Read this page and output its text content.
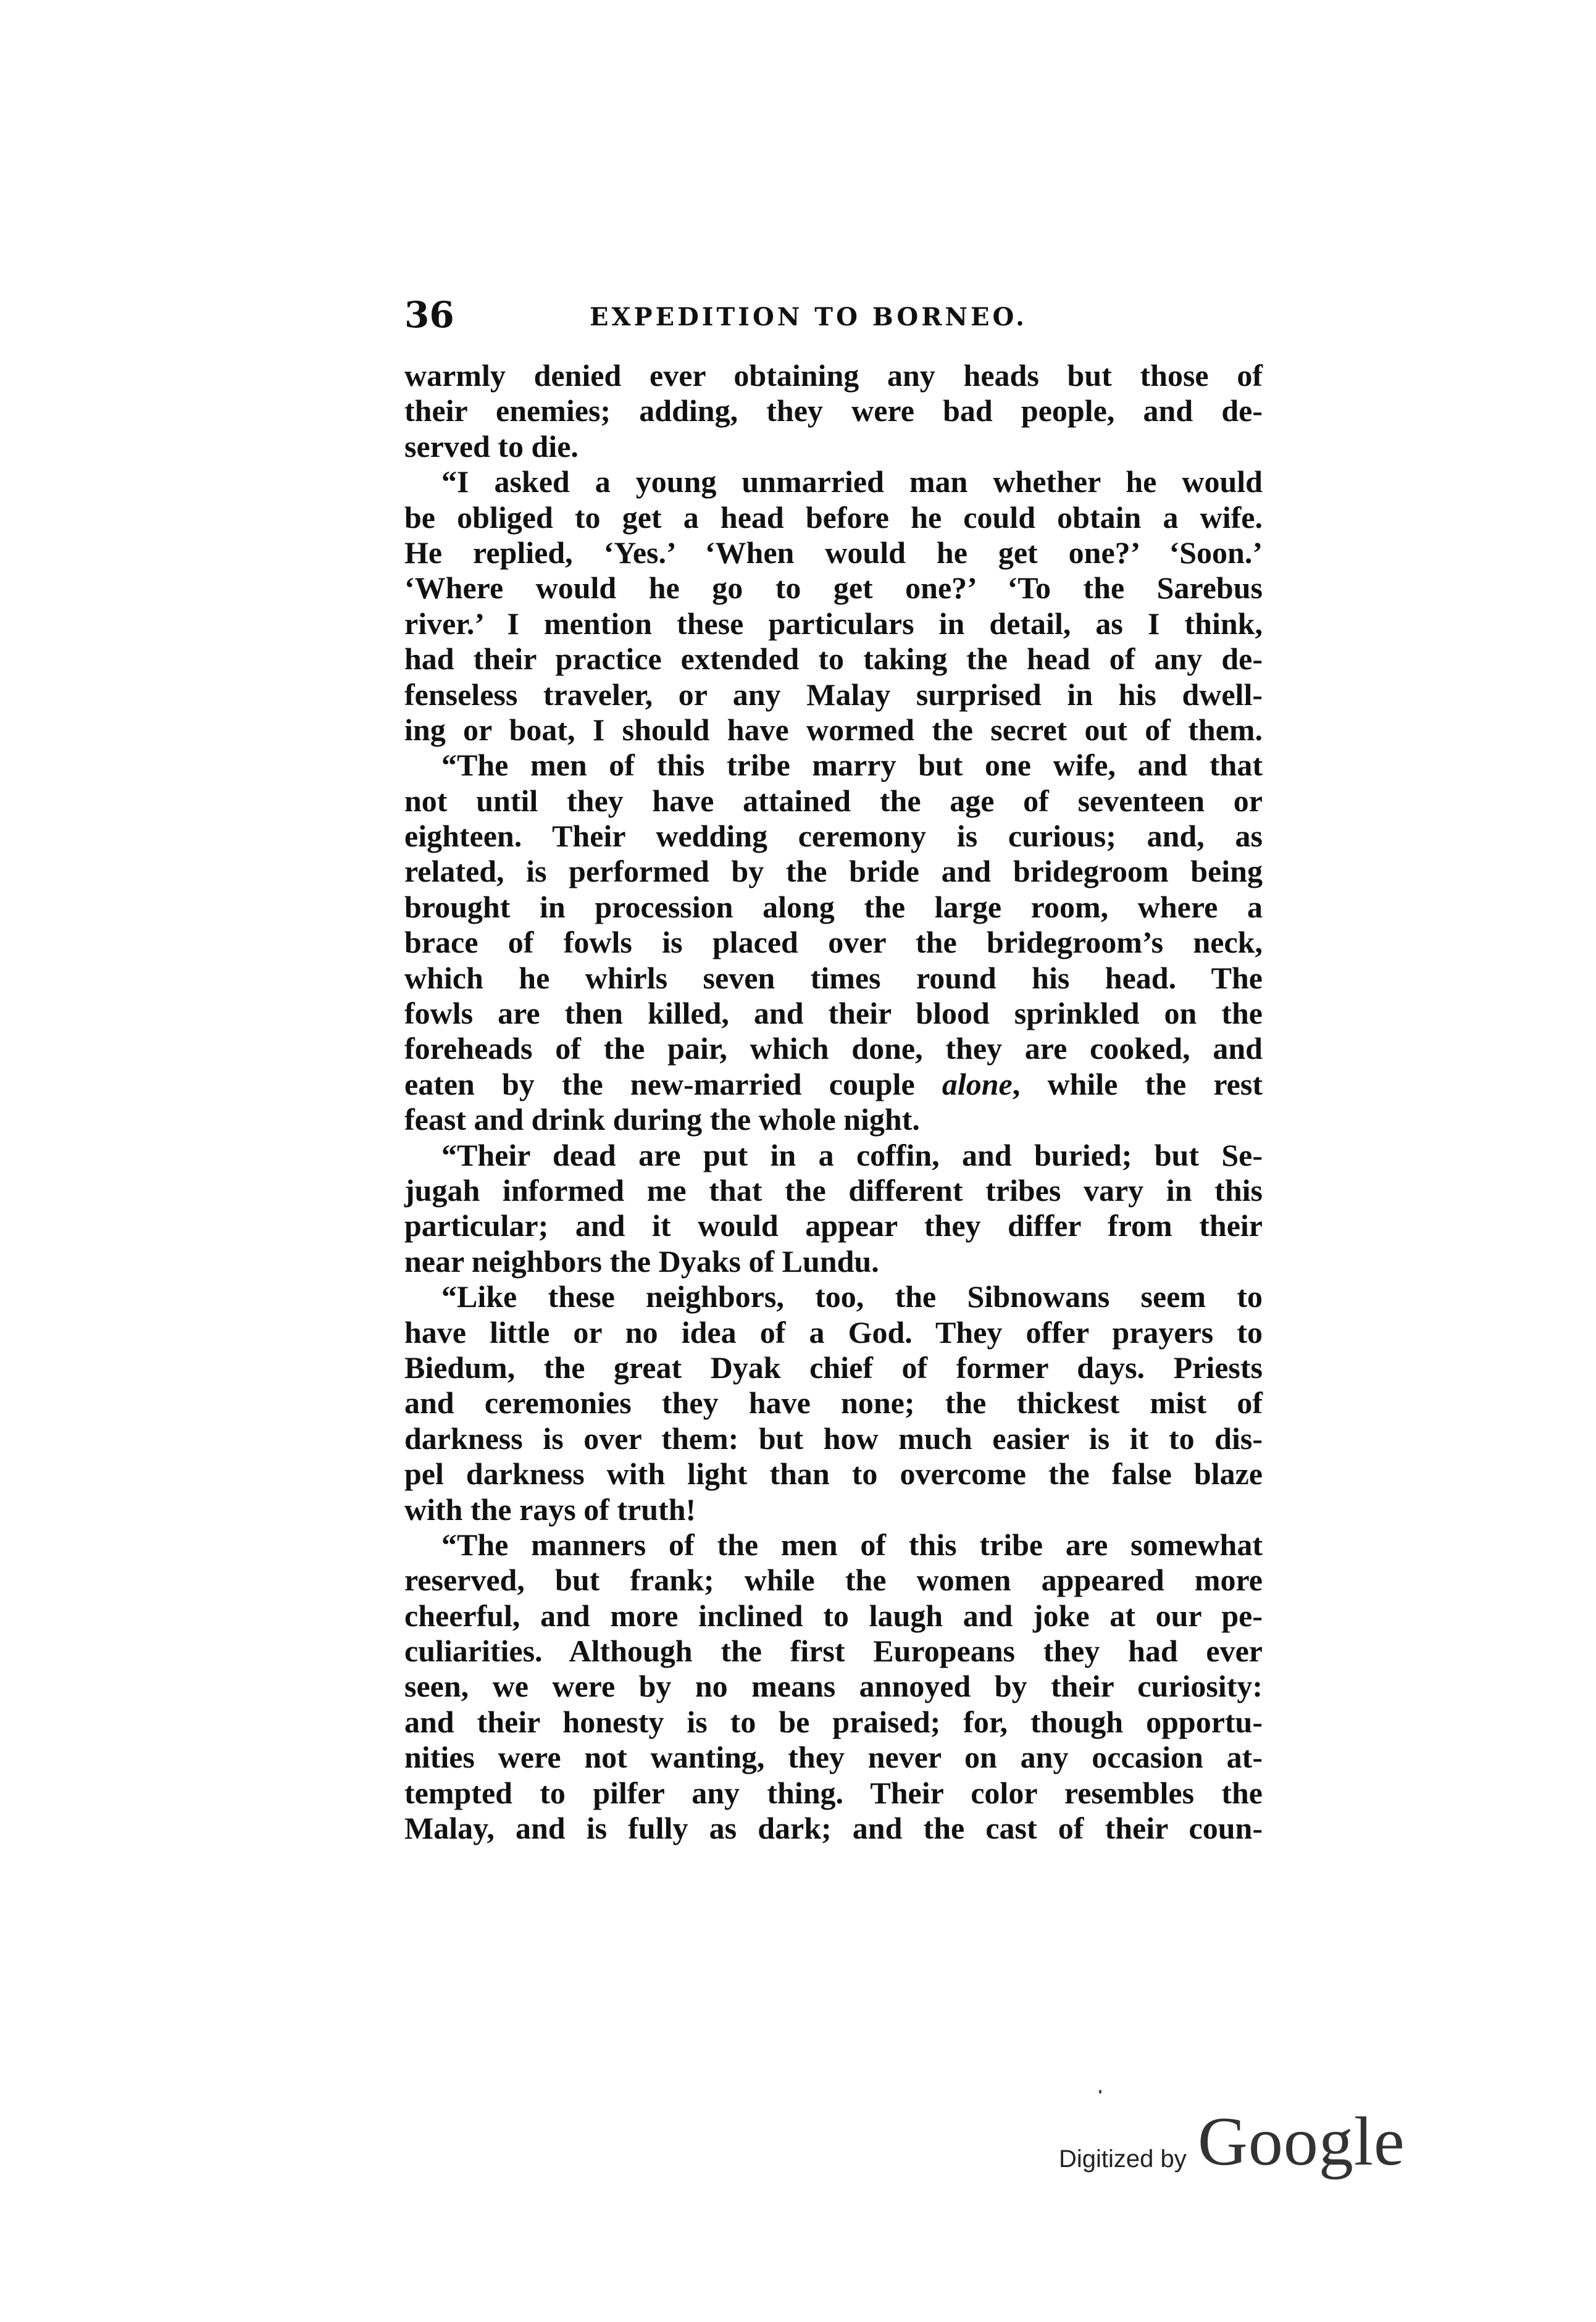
36	EXPEDITION TO BORNEO.
warmly denied ever obtaining any heads but those of
their enemies; adding, they were bad people, and de-
served to die.
“I asked a young unmarried man whether he would
be obliged to get a head before he could obtain a wife.
He replied, ‘Yes.’ ‘When would he get one?’ ‘Soon.’
‘Where would he go to get one?’ ‘To the Sarebus
river.’ I mention these particulars in detail, as I think,
had their practice extended to taking the head of any de-
fenseless traveler, or any Malay surprised in his dwell-
ing or boat, I should have wormed the secret out of them.
“The men of this tribe marry but one wife, and that
not until they have attained the age of seventeen or
eighteen. Their wedding ceremony is curious; and, as
related, is performed by the bride and bridegroom being
brought in procession along the large room, where a
brace of fowls is placed over the bridegroom’s neck,
which he whirls seven times round his head. The
fowls are then killed, and their blood sprinkled on the
foreheads of the pair, which done, they are cooked, and
eaten by the new-married couple alone, while the rest
feast and drink during the whole night.
“Their dead are put in a coffin, and buried; but Se-
jugah informed me that the different tribes vary in this
particular; and it would appear they differ from their
near neighbors the Dyaks of Lundu.
“Like these neighbors, too, the Sibnowans seem to
have little or no idea of a God. They offer prayers to
Biedum, the great Dyak chief of former days. Priests
and ceremonies they have none; the thickest mist of
darkness is over them: but how much easier is it to dis-
pel darkness with light than to overcome the false blaze
with the rays of truth!
“The manners of the men of this tribe are somewhat
reserved, but frank; while the women appeared more
cheerful, and more inclined to laugh and joke at our pe-
culiarities. Although the first Europeans they had ever
seen, we were by no means annoyed by their curiosity:
and their honesty is to be praised; for, though opportu-
nities were not wanting, they never on any occasion at-
tempted to pilfer any thing. Their color resembles the
Malay, and is fully as dark; and the cast of their coun-
Digitized by Google
